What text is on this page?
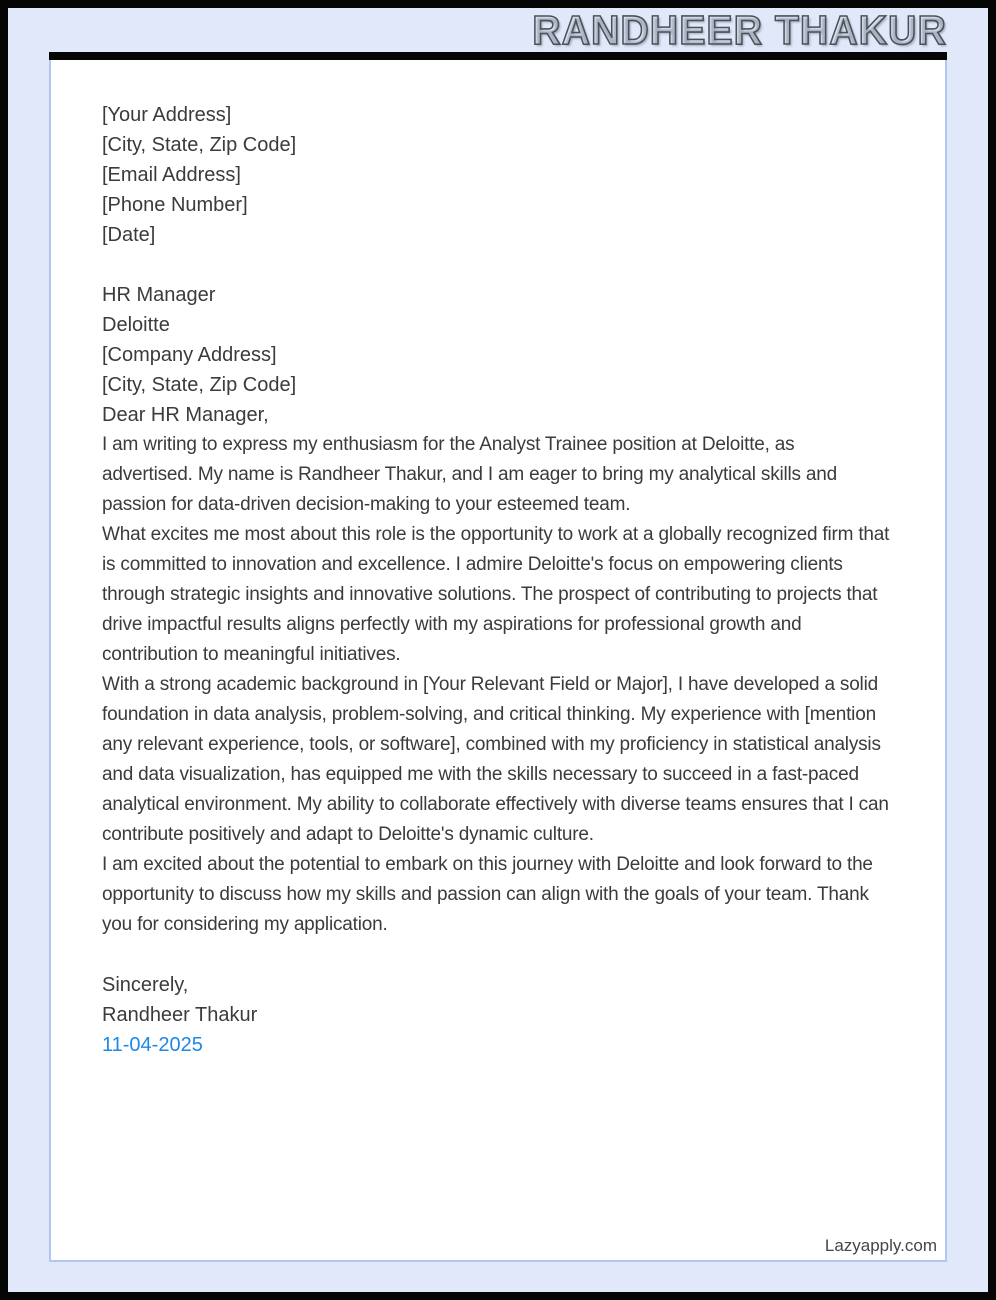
RANDHEER THAKUR

[Your Address]

[City, State, Zip Code]

[Email Address]

[Phone Number]

[Date]

HR Manager

Deloitte

[Company Address]

[City, State, Zip Code]

Dear HR Manager,

I am writing to express my enthusiasm for the Analyst Trainee position at Deloitte, as advertised. My name is Randheer Thakur, and I am eager to bring my analytical skills and passion for data-driven decision-making to your esteemed team.

What excites me most about this role is the opportunity to work at a globally recognized firm that is committed to innovation and excellence. I admire Deloitte's focus on empowering clients through strategic insights and innovative solutions. The prospect of contributing to projects that drive impactful results aligns perfectly with my aspirations for professional growth and contribution to meaningful initiatives.

With a strong academic background in [Your Relevant Field or Major], I have developed a solid foundation in data analysis, problem-solving, and critical thinking. My experience with [mention any relevant experience, tools, or software], combined with my proficiency in statistical analysis and data visualization, has equipped me with the skills necessary to succeed in a fast-paced analytical environment. My ability to collaborate effectively with diverse teams ensures that I can contribute positively and adapt to Deloitte's dynamic culture.

I am excited about the potential to embark on this journey with Deloitte and look forward to the opportunity to discuss how my skills and passion can align with the goals of your team. Thank you for considering my application.

Sincerely,

Randheer Thakur

11-04-2025

Lazyapply.com
